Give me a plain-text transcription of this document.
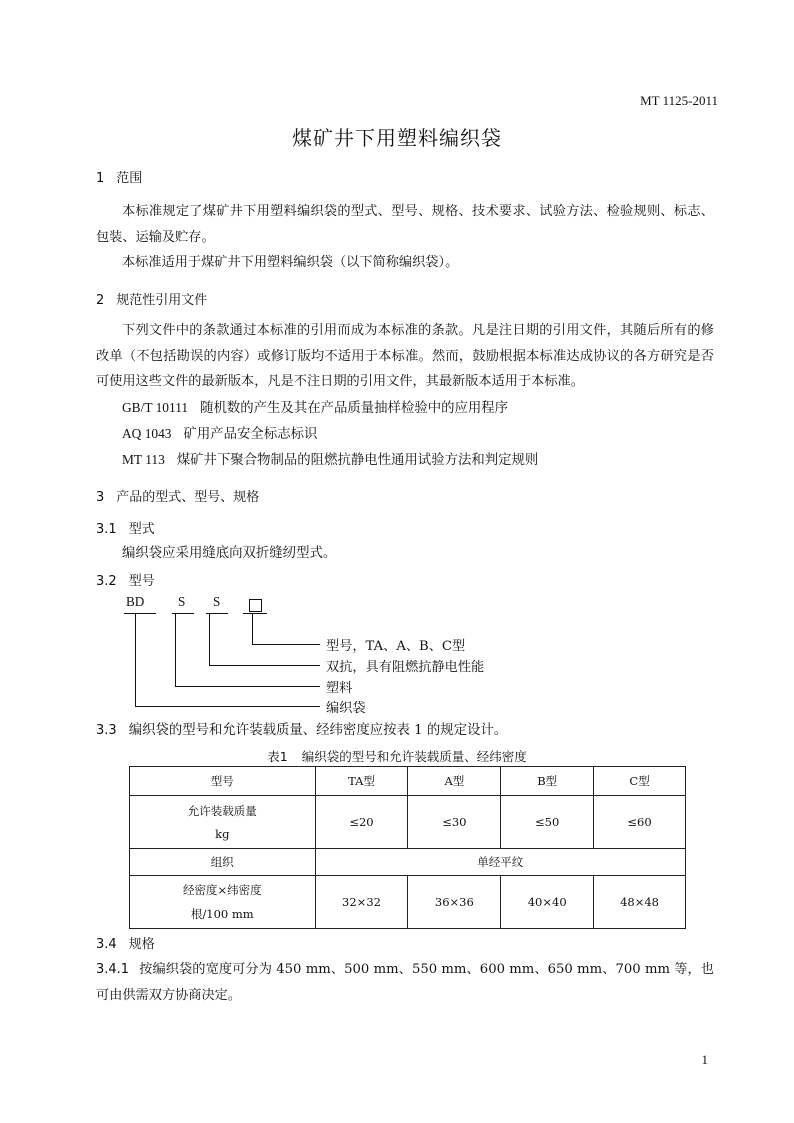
MT 1125-2011
煤矿井下用塑料编织袋
1 范围
本标准规定了煤矿井下用塑料编织袋的型式、型号、规格、技术要求、试验方法、检验规则、标志、包装、运输及贮存。
本标准适用于煤矿井下用塑料编织袋（以下简称编织袋）。
2 规范性引用文件
下列文件中的条款通过本标准的引用而成为本标准的条款。凡是注日期的引用文件，其随后所有的修改单（不包括勘误的内容）或修订版均不适用于本标准。然而，鼓励根据本标准达成协议的各方研究是否可使用这些文件的最新版本，凡是不注日期的引用文件，其最新版本适用于本标准。
GB/T 10111 随机数的产生及其在产品质量抽样检验中的应用程序
AQ 1043 矿用产品安全标志标识
MT 113 煤矿井下聚合物制品的阻燃抗静电性通用试验方法和判定规则
3 产品的型式、型号、规格
3.1 型式
编织袋应采用缝底向双折缝纫型式。
3.2 型号
BD	S S
型号，TA、A、B、C型
双抗，具有阻燃抗静电性能
塑料
编织袋
3.3 编织袋的型号和允许装载质量、经纬密度应按表 1 的规定设计。
表1 编织袋的型号和允许装载质量、经纬密度
型号	TA型	A型	B型	C型

允许装载质量
kg	≤20	≤30	≤50	≤60
组织	单经平纹			

经密度×纬密度
根/100 mm	32×32	36×36	40×40	48×48
3.4 规格
3.4.1 按编织袋的宽度可分为 450 mm、500 mm、550 mm、600 mm、650 mm、700 mm 等，也可由供需双方协商决定。
1
